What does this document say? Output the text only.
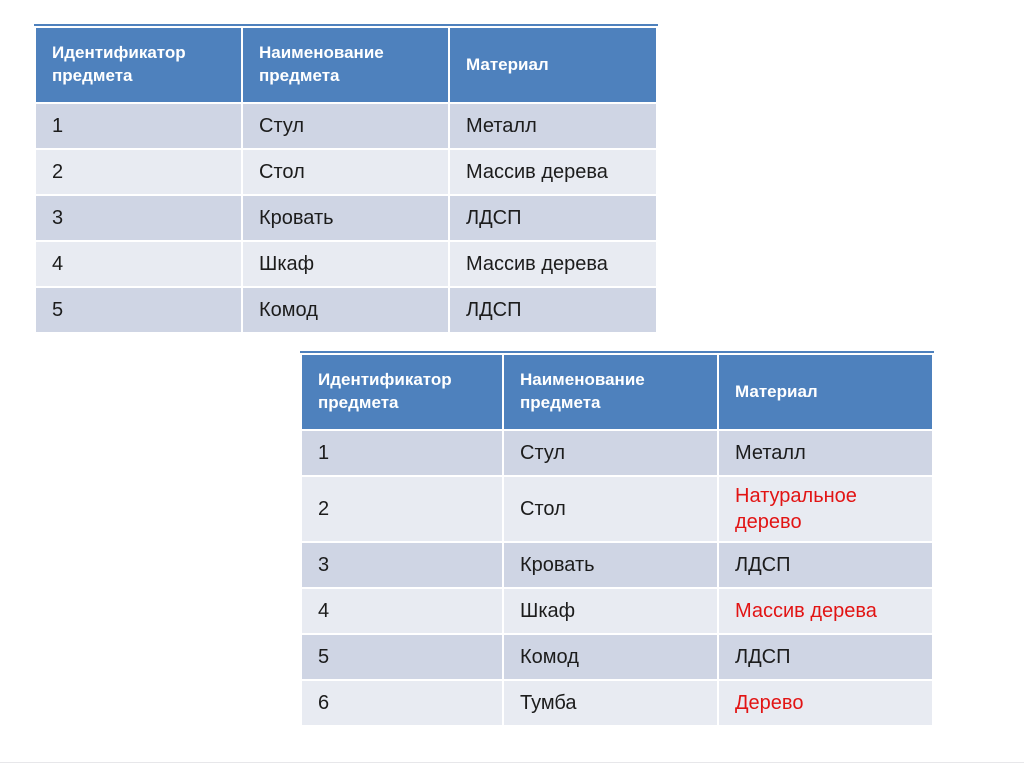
Идентификатор предмета	Наименование предмета	Материал
1	Стул	Металл
2	Стол	Массив дерева
3	Кровать	ЛДСП
4	Шкаф	Массив дерева
5	Комод	ЛДСП
Идентификатор предмета	Наименование предмета	Материал
1	Стул	Металл
2	Стол	Натуральное дерево
3	Кровать	ЛДСП
4	Шкаф	Массив дерева
5	Комод	ЛДСП
6	Тумба	Дерево
